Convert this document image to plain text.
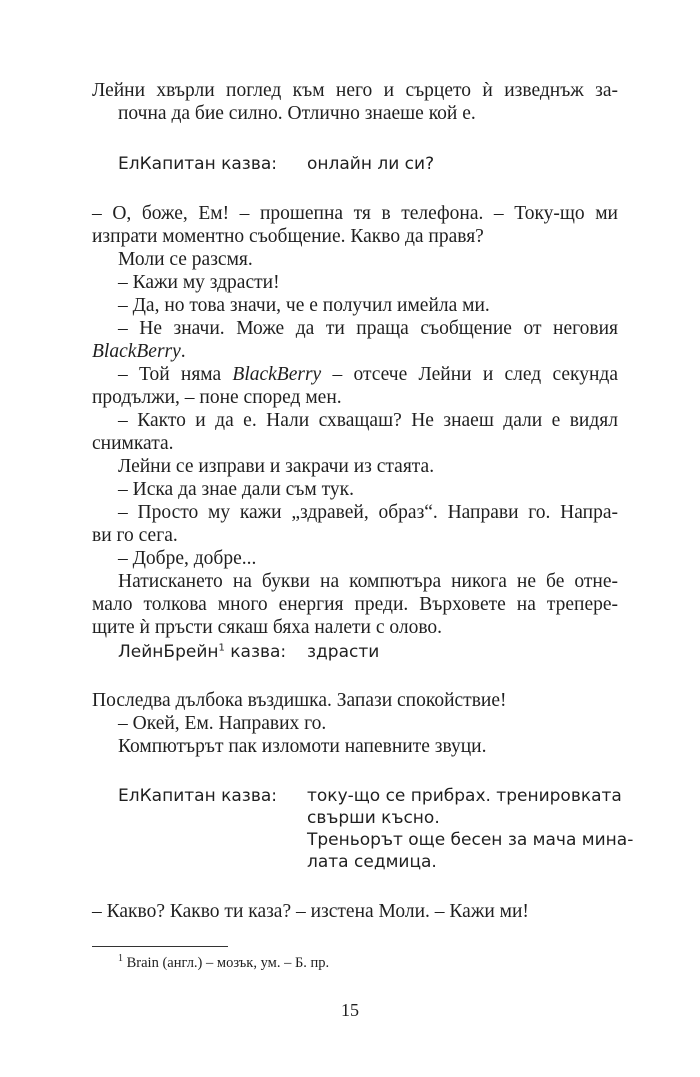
Лейни хвърли поглед към него и сърцето ѝ изведнъж за-
почна да бие силно. Отлично знаеше кой е.
ЕлКапитан казва: онлайн ли си?
– О, боже, Ем! – прошепна тя в телефона. – Току-що ми
изпрати моментно съобщение. Какво да правя?
Моли се разсмя.
– Кажи му здрасти!
– Да, но това значи, че е получил имейла ми.
– Не значи. Може да ти праща съобщение от неговия
BlackBerry.
– Той няма BlackBerry – отсече Лейни и след секунда
продължи, – поне според мен.
– Както и да е. Нали схващаш? Не знаеш дали е видял
снимката.
Лейни се изправи и закрачи из стаята.
– Иска да знае дали съм тук.
– Просто му кажи „здравей, образ“. Направи го. Напра-
ви го сега.
– Добре, добре...
Натискането на букви на компютъра никога не бе отне-
мало толкова много енергия преди. Върховете на треперe-
щите ѝ пръсти сякаш бяха налети с олово.
ЛейнБрейн$^1$ казва: здрасти
Последва дълбока въздишка. Запази спокойствие!
– Окей, Ем. Направих го.
Компютърът пак изломоти напевните звуци.
ЕлКапитан казва: току-що се прибрах. тренировката
свърши късно.
Треньорът още бесен за мача мина-
лата седмица.
– Какво? Какво ти каза? – изстена Моли. – Кажи ми!
$^1$ Brain (англ.) – мозък, ум. – Б. пр.
15
